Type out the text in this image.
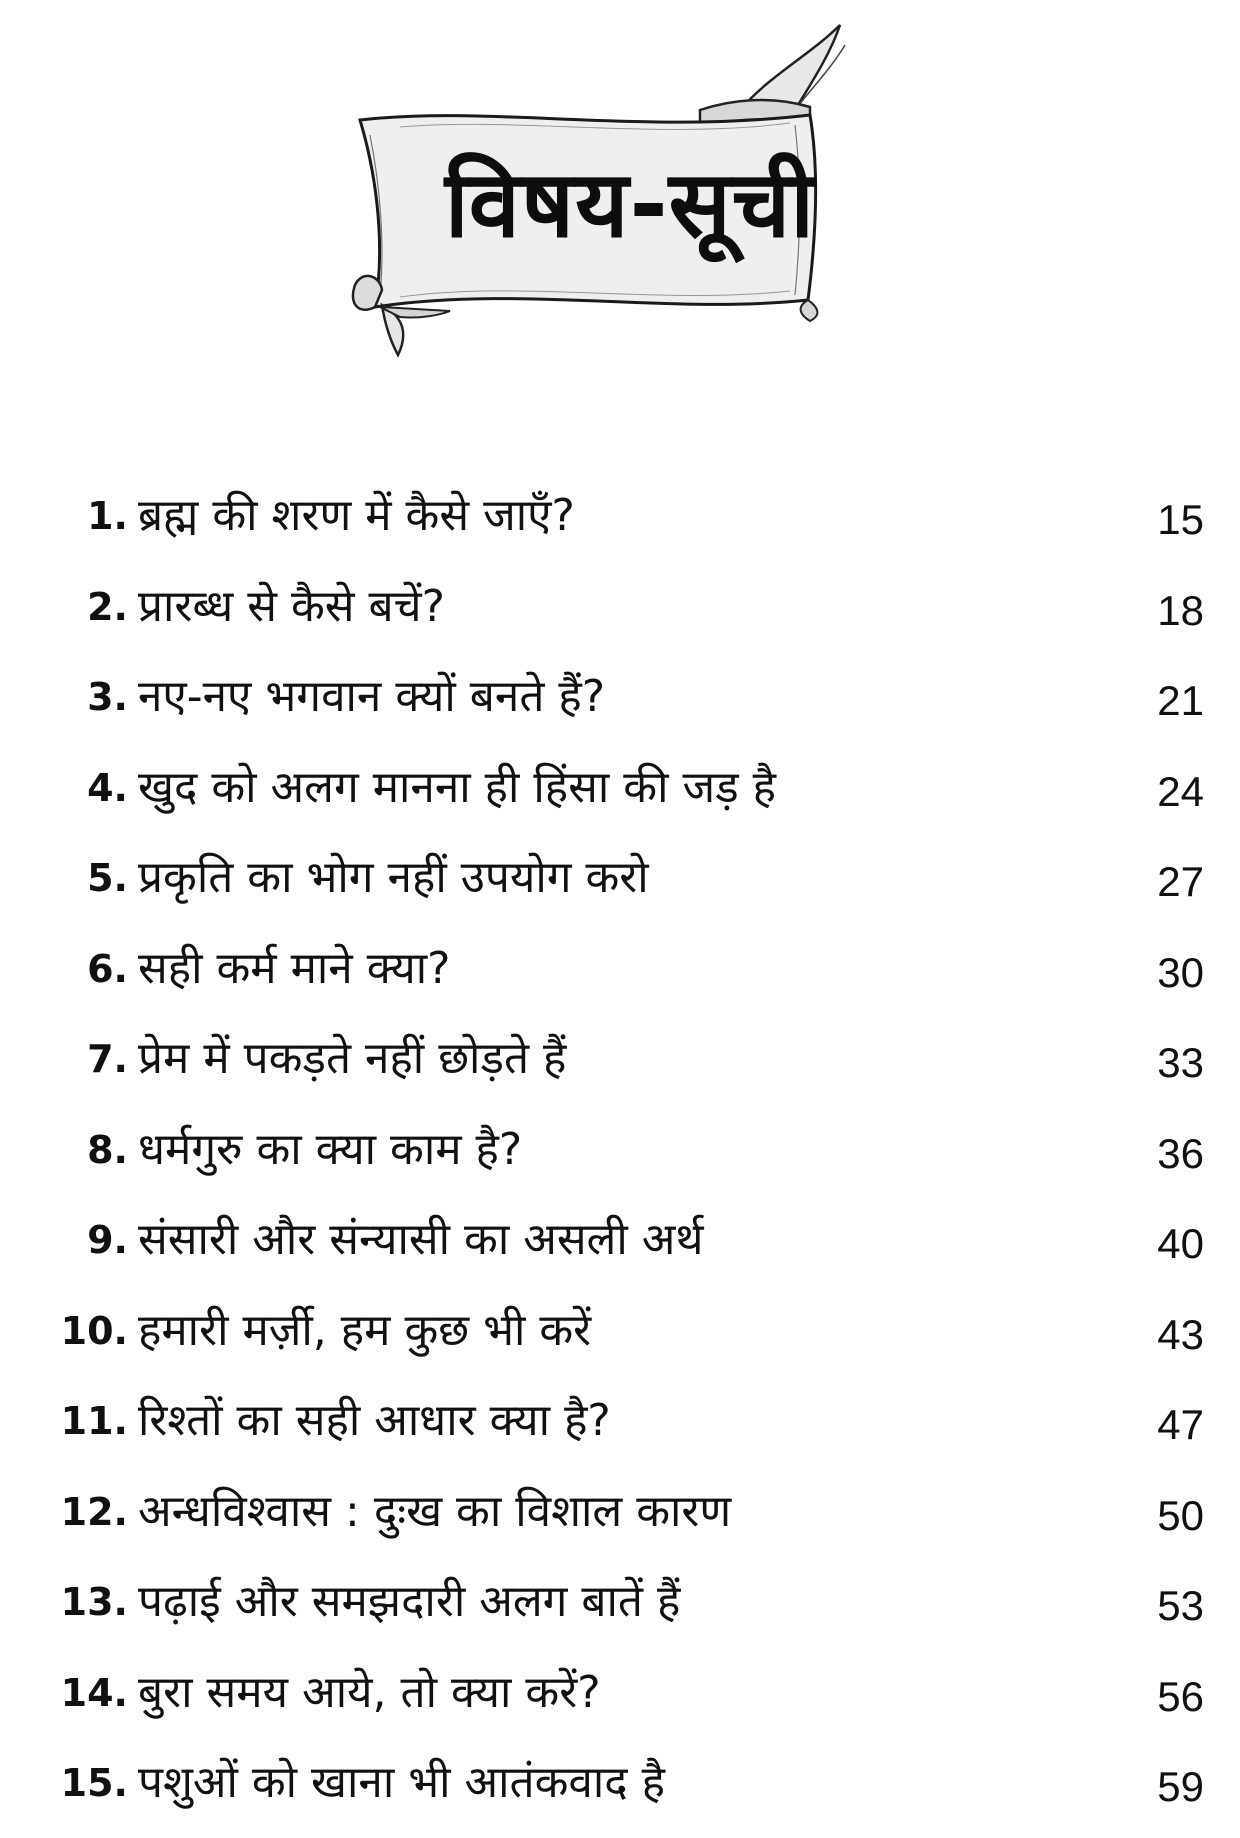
विषय-सूची
1. ब्रह्म की शरण में कैसे जाएँ?	15
2. प्रारब्ध से कैसे बचें?	18
3. नए-नए भगवान क्यों बनते हैं?	21
4. खुद को अलग मानना ही हिंसा की जड़ है	24
5. प्रकृति का भोग नहीं उपयोग करो	27
6. सही कर्म माने क्या?	30
7. प्रेम में पकड़ते नहीं छोड़ते हैं	33
8. धर्मगुरु का क्या काम है?	36
9. संसारी और संन्यासी का असली अर्थ	40
10. हमारी मर्ज़ी, हम कुछ भी करें	43
11. रिश्तों का सही आधार क्या है?	47
12. अन्धविश्वास : दुःख का विशाल कारण	50
13. पढ़ाई और समझदारी अलग बातें हैं	53
14. बुरा समय आये, तो क्या करें?	56
15. पशुओं को खाना भी आतंकवाद है	59
